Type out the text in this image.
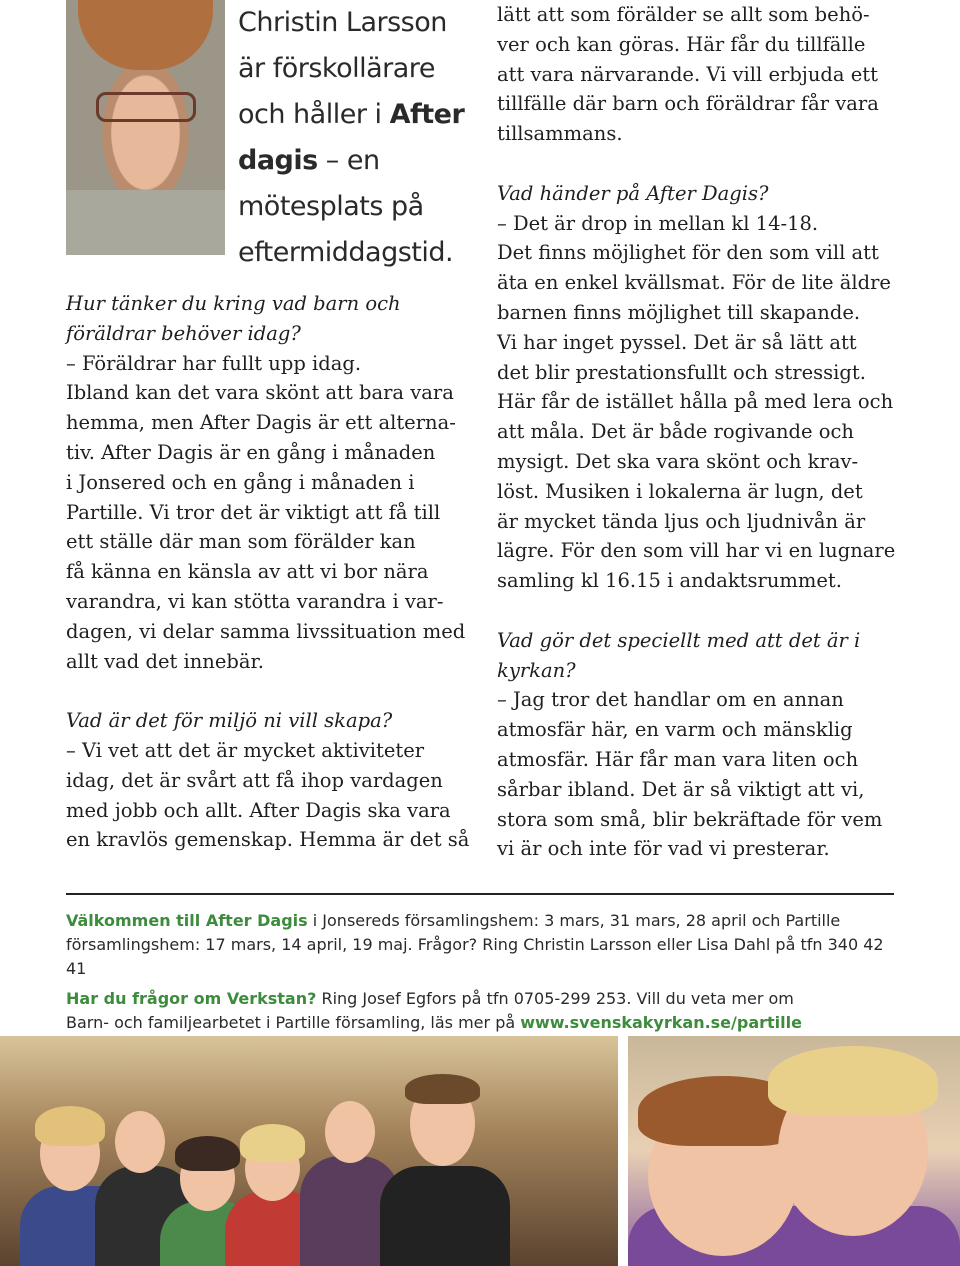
Christin Larsson
är förskollärare
och håller i After
dagis – en
mötesplats på
eftermiddagstid.

Hur tänker du kring vad barn och

föräldrar behöver idag?

– Föräldrar har fullt upp idag.

Ibland kan det vara skönt att bara vara

hemma, men After Dagis är ett alterna-

tiv. After Dagis är en gång i månaden

i Jonsered och en gång i månaden i

Partille. Vi tror det är viktigt att få till

ett ställe där man som förälder kan

få känna en känsla av att vi bor nära

varandra, vi kan stötta varandra i var-

dagen, vi delar samma livssituation med

allt vad det innebär.

Vad är det för miljö ni vill skapa?

– Vi vet att det är mycket aktiviteter

idag, det är svårt att få ihop vardagen

med jobb och allt. After Dagis ska vara

en kravlös gemenskap. Hemma är det så

lätt att som förälder se allt som behö-

ver och kan göras. Här får du tillfälle

att vara närvarande. Vi vill erbjuda ett

tillfälle där barn och föräldrar får vara

tillsammans.

Vad händer på After Dagis?

– Det är drop in mellan kl 14-18.

Det finns möjlighet för den som vill att

äta en enkel kvällsmat. För de lite äldre

barnen finns möjlighet till skapande.

Vi har inget pyssel. Det är så lätt att

det blir prestationsfullt och stressigt.

Här får de istället hålla på med lera och

att måla. Det är både rogivande och

mysigt. Det ska vara skönt och krav-

löst. Musiken i lokalerna är lugn, det

är mycket tända ljus och ljudnivån är

lägre. För den som vill har vi en lugnare

samling kl 16.15 i andaktsrummet.

Vad gör det speciellt med att det är i

kyrkan?

– Jag tror det handlar om en annan

atmosfär här, en varm och mänsklig

atmosfär. Här får man vara liten och

sårbar ibland. Det är så viktigt att vi,

stora som små, blir bekräftade för vem

vi är och inte för vad vi presterar.

Välkommen till After Dagis i Jonsereds församlingshem: 3 mars, 31 mars, 28 april och Partille

församlingshem: 17 mars, 14 april, 19 maj. Frågor? Ring Christin Larsson eller Lisa Dahl på tfn 340 42 41

Har du frågor om Verkstan? Ring Josef Egfors på tfn 0705-299 253. Vill du veta mer om

Barn- och familjearbetet i Partille församling, läs mer på www.svenskakyrkan.se/partille
